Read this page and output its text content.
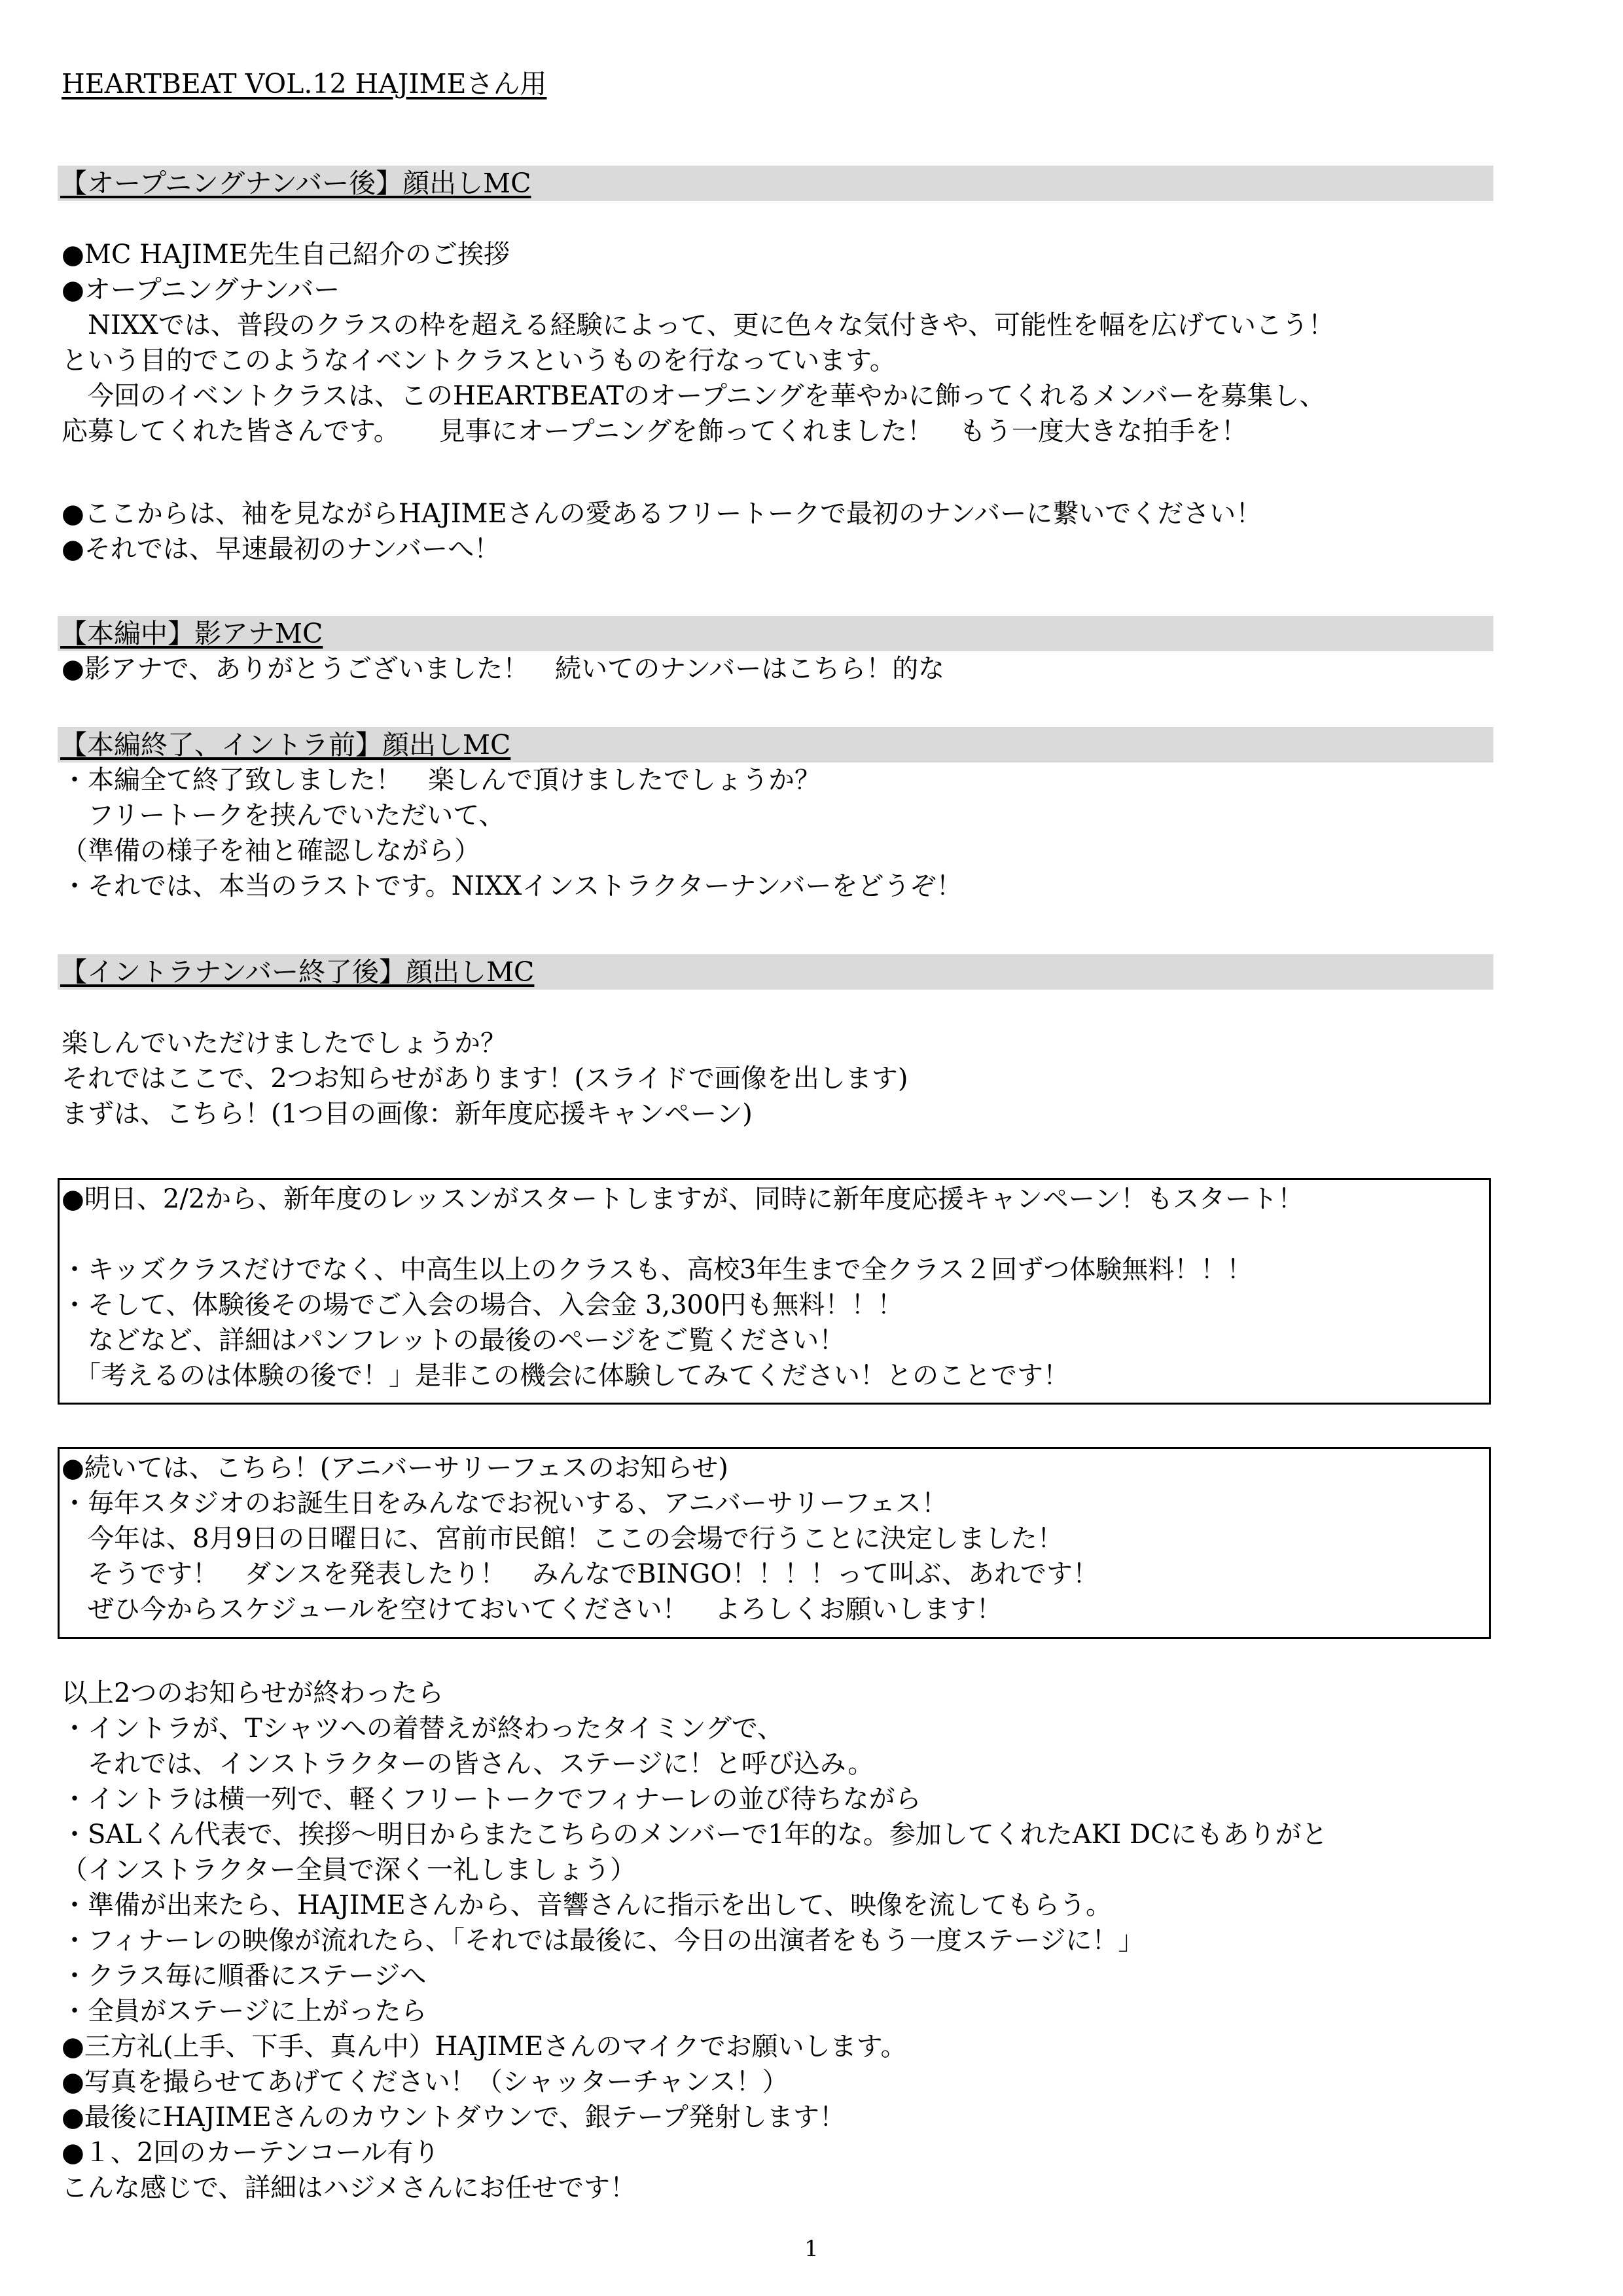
HEARTBEAT VOL.12 HAJIMEさん用
【オープニングナンバー後】顔出しMC
●MC HAJIME先生自己紹介のご挨拶
●オープニングナンバー
　NIXXでは、普段のクラスの枠を超える経験によって、更に色々な気付きや、可能性を幅を広げていこう！
という目的でこのようなイベントクラスというものを行なっています。
　今回のイベントクラスは、このHEARTBEATのオープニングを華やかに飾ってくれるメンバーを募集し、
応募してくれた皆さんです。　　見事にオープニングを飾ってくれました！　もう一度大きな拍手を！
●ここからは、袖を見ながらHAJIMEさんの愛あるフリートークで最初のナンバーに繋いでください！
●それでは、早速最初のナンバーへ！
【本編中】影アナMC
●影アナで、ありがとうございました！　続いてのナンバーはこちら！的な
【本編終了、イントラ前】顔出しMC
・本編全て終了致しました！　楽しんで頂けましたでしょうか？
　フリートークを挟んでいただいて、
（準備の様子を袖と確認しながら）
・それでは、本当のラストです。NIXXインストラクターナンバーをどうぞ！
【イントラナンバー終了後】顔出しMC
楽しんでいただけましたでしょうか？
それではここで、2つお知らせがあります！(スライドで画像を出します)
まずは、こちら！(1つ目の画像：新年度応援キャンペーン)
●明日、2/2から、新年度のレッスンがスタートしますが、同時に新年度応援キャンペーン！もスタート！
・キッズクラスだけでなく、中高生以上のクラスも、高校3年生まで全クラス２回ずつ体験無料！！！
・そして、体験後その場でご入会の場合、入会金 3,300円も無料！！！
　などなど、詳細はパンフレットの最後のページをご覧ください！
　「考えるのは体験の後で！」是非この機会に体験してみてください！とのことです！
●続いては、こちら！(アニバーサリーフェスのお知らせ)
・毎年スタジオのお誕生日をみんなでお祝いする、アニバーサリーフェス！
　今年は、8月9日の日曜日に、宮前市民館！ここの会場で行うことに決定しました！
　そうです！　ダンスを発表したり！　みんなでBINGO！！！！って叫ぶ、あれです！
　ぜひ今からスケジュールを空けておいてください！　よろしくお願いします！
以上2つのお知らせが終わったら
・イントラが、Tシャツへの着替えが終わったタイミングで、
　それでは、インストラクターの皆さん、ステージに！と呼び込み。
・イントラは横一列で、軽くフリートークでフィナーレの並び待ちながら
・SALくん代表で、挨拶〜明日からまたこちらのメンバーで1年的な。参加してくれたAKI DCにもありがと
（インストラクター全員で深く一礼しましょう）
・準備が出来たら、HAJIMEさんから、音響さんに指示を出して、映像を流してもらう。
・フィナーレの映像が流れたら、「それでは最後に、今日の出演者をもう一度ステージに！」
・クラス毎に順番にステージへ
・全員がステージに上がったら
●三方礼(上手、下手、真ん中）HAJIMEさんのマイクでお願いします。
●写真を撮らせてあげてください！（シャッターチャンス！）
●最後にHAJIMEさんのカウントダウンで、銀テープ発射します！
●１、2回のカーテンコール有り
こんな感じで、詳細はハジメさんにお任せです！
1
